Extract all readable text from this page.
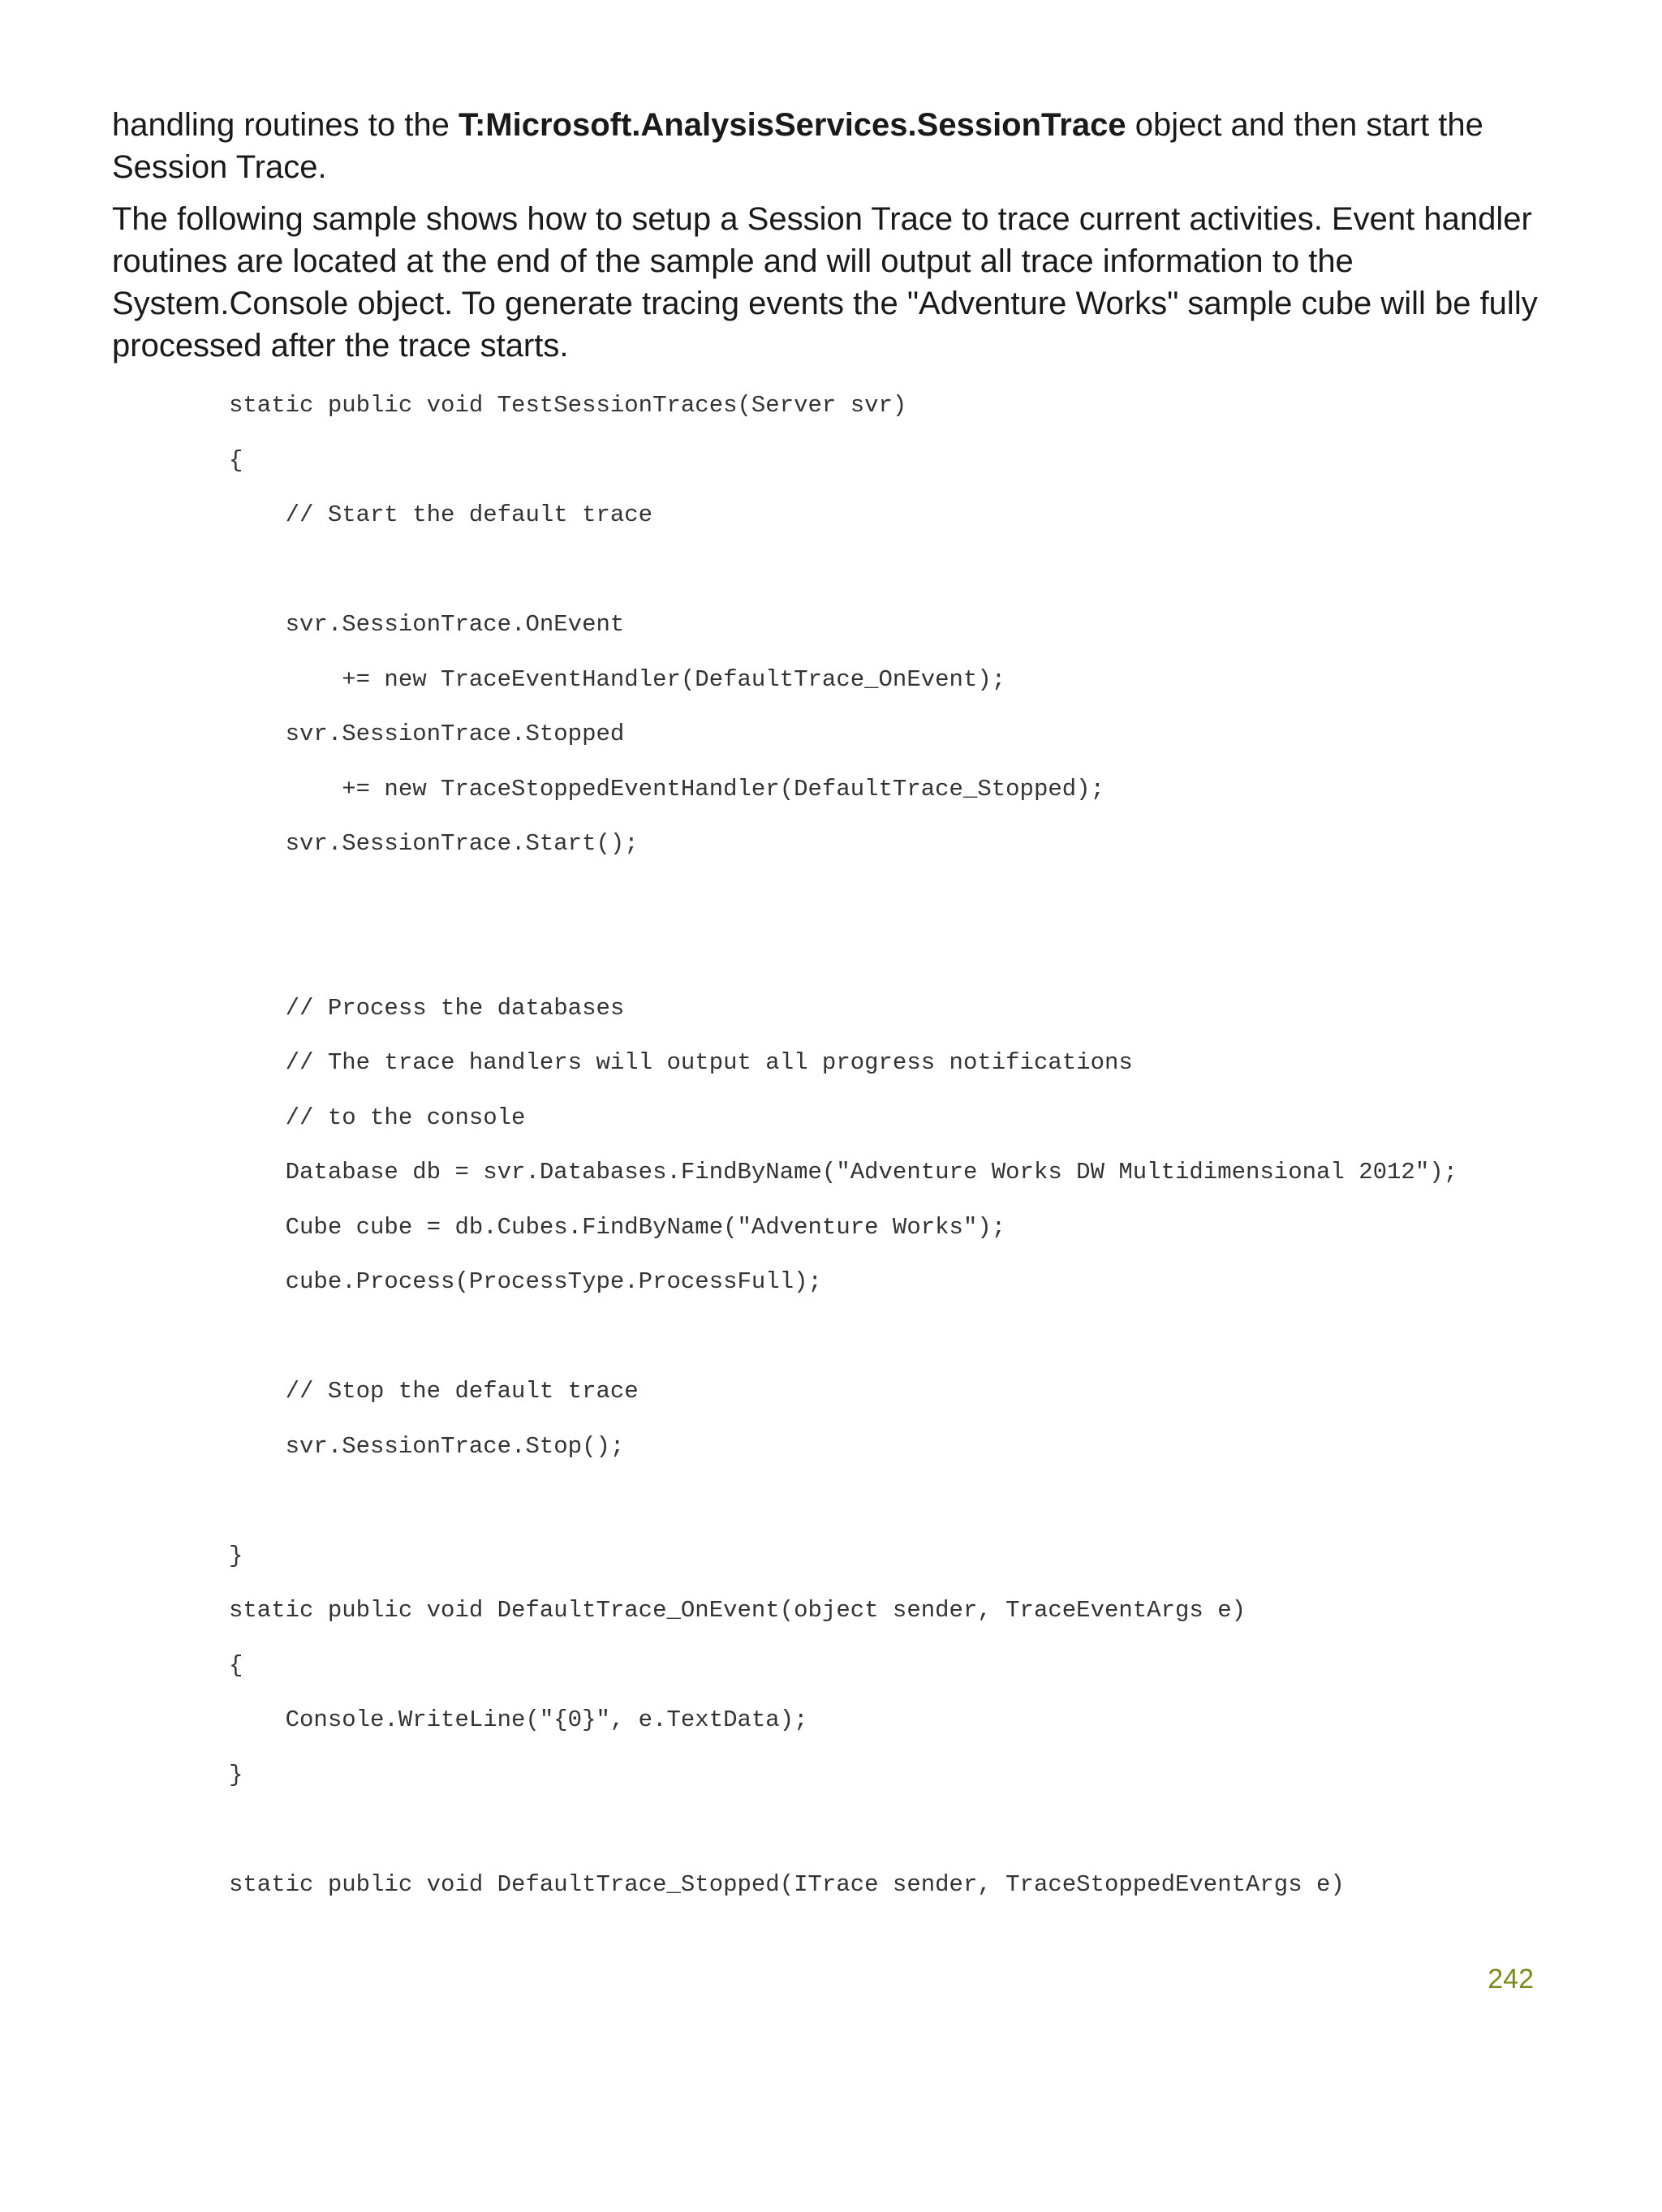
handling routines to the T:Microsoft.AnalysisServices.SessionTrace object and then start the Session Trace.

The following sample shows how to setup a Session Trace to trace current activities. Event handler routines are located at the end of the sample and will output all trace information to the System.Console object. To generate tracing events the "Adventure Works" sample cube will be fully processed after the trace starts.

static public void TestSessionTraces(Server svr)
{
// Start the default trace
svr.SessionTrace.OnEvent
+= new TraceEventHandler(DefaultTrace_OnEvent);
svr.SessionTrace.Stopped
+= new TraceStoppedEventHandler(DefaultTrace_Stopped);
svr.SessionTrace.Start();
// Process the databases
// The trace handlers will output all progress notifications
// to the console
Database db = svr.Databases.FindByName("Adventure Works DW Multidimensional 2012");
Cube cube = db.Cubes.FindByName("Adventure Works");
cube.Process(ProcessType.ProcessFull);
// Stop the default trace
svr.SessionTrace.Stop();
}
static public void DefaultTrace_OnEvent(object sender, TraceEventArgs e)
{
Console.WriteLine("{0}", e.TextData);
}
static public void DefaultTrace_Stopped(ITrace sender, TraceStoppedEventArgs e)
242
